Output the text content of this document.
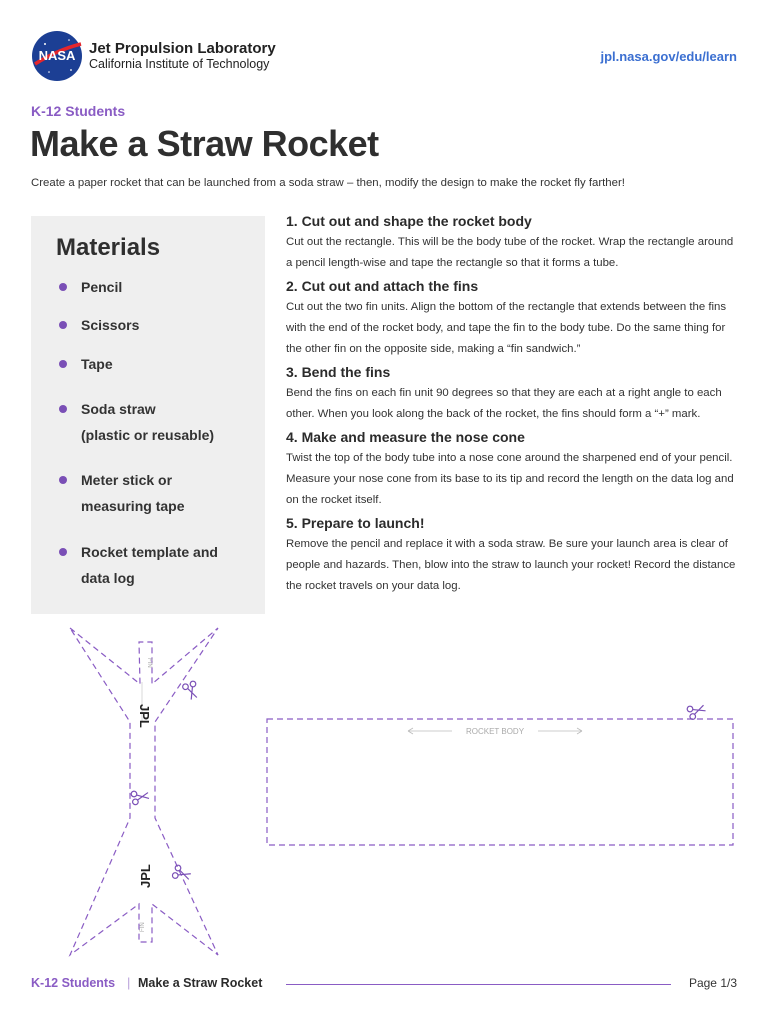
NASA Jet Propulsion Laboratory
California Institute of Technology	jpl.nasa.gov/edu/learn
K-12 Students
Make a Straw Rocket
Create a paper rocket that can be launched from a soda straw – then, modify the design to make the rocket fly farther!
Materials
Pencil
Scissors
Tape
Soda straw
(plastic or reusable)
Meter stick or
measuring tape
Rocket template and
data log
1. Cut out and shape the rocket body

Cut out the rectangle. This will be the body tube of the rocket. Wrap the rectangle around a pencil length-wise and tape the rectangle so that it forms a tube.

2. Cut out and attach the fins

Cut out the two fin units. Align the bottom of the rectangle that extends between the fins with the end of the rocket body, and tape the fin to the body tube. Do the same thing for the other fin on the opposite side, making a “fin sandwich.”

3. Bend the fins

Bend the fins on each fin unit 90 degrees so that they are each at a right angle to each other. When you look along the back of the rocket, the fins should form a “+” mark.

4. Make and measure the nose cone

Twist the top of the body tube into a nose cone around the sharpened end of your pencil. Measure your nose cone from its base to its tip and record the length on the data log and on the rocket itself.

5. Prepare to launch!

Remove the pencil and replace it with a soda straw. Be sure your launch area is clear of people and hazards. Then, blow into the straw to launch your rocket! Record the distance the rocket travels on your data log.

FIN
FIN
JPL
JPL
ROCKET BODY
K-12 Students | Make a Straw Rocket	Page 1/3
